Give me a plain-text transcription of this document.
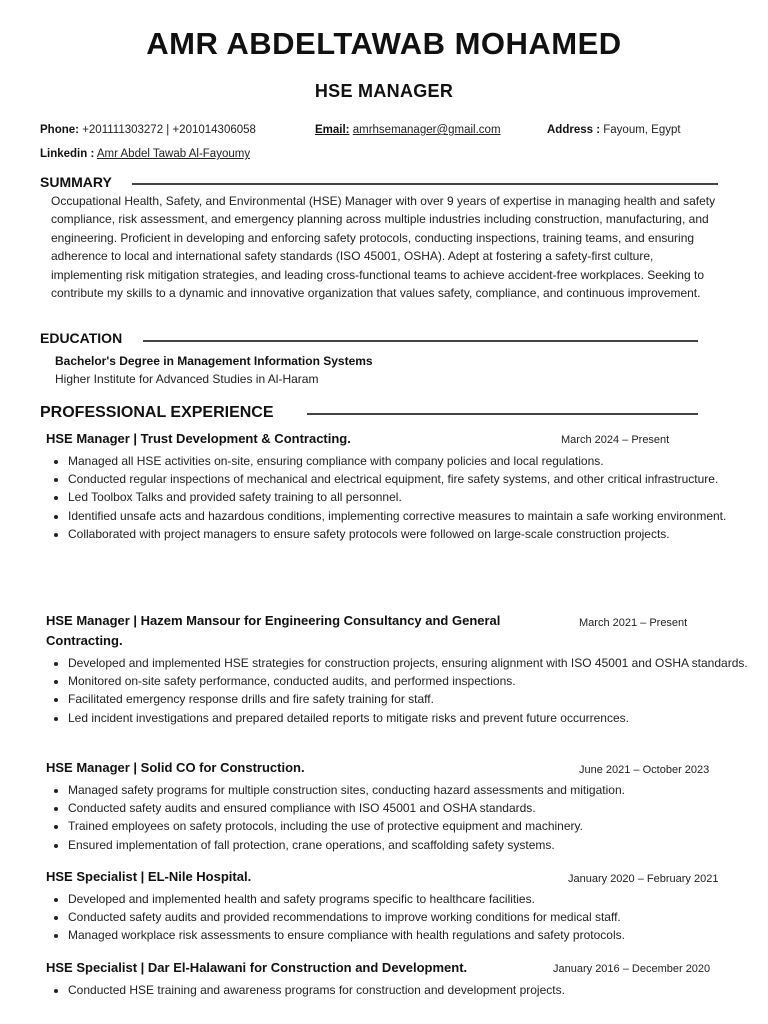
AMR ABDELTAWAB MOHAMED
HSE MANAGER
Phone: +201111303272 | +201014306058	Email: amrhsemanager@gmail.com	Address : Fayoum, Egypt
Linkedin : Amr Abdel Tawab Al-Fayoumy
SUMMARY
Occupational Health, Safety, and Environmental (HSE) Manager with over 9 years of expertise in managing health and safety compliance, risk assessment, and emergency planning across multiple industries including construction, manufacturing, and engineering. Proficient in developing and enforcing safety protocols, conducting inspections, training teams, and ensuring adherence to local and international safety standards (ISO 45001, OSHA). Adept at fostering a safety-first culture, implementing risk mitigation strategies, and leading cross-functional teams to achieve accident-free workplaces. Seeking to contribute my skills to a dynamic and innovative organization that values safety, compliance, and continuous improvement.
EDUCATION
Bachelor's Degree in Management Information Systems
Higher Institute for Advanced Studies in Al-Haram
PROFESSIONAL EXPERIENCE
HSE Manager | Trust Development & Contracting.	March 2024 – Present
• Managed all HSE activities on-site, ensuring compliance with company policies and local regulations.
• Conducted regular inspections of mechanical and electrical equipment, fire safety systems, and other critical infrastructure.
• Led Toolbox Talks and provided safety training to all personnel.
• Identified unsafe acts and hazardous conditions, implementing corrective measures to maintain a safe working environment.
• Collaborated with project managers to ensure safety protocols were followed on large-scale construction projects.
HSE Manager | Hazem Mansour for Engineering Consultancy and General Contracting.
March 2021 – Present
• Developed and implemented HSE strategies for construction projects, ensuring alignment with ISO 45001 and OSHA standards.
• Monitored on-site safety performance, conducted audits, and performed inspections.
• Facilitated emergency response drills and fire safety training for staff.
• Led incident investigations and prepared detailed reports to mitigate risks and prevent future occurrences.
HSE Manager | Solid CO for Construction.	June 2021 – October 2023
• Managed safety programs for multiple construction sites, conducting hazard assessments and mitigation.
• Conducted safety audits and ensured compliance with ISO 45001 and OSHA standards.
• Trained employees on safety protocols, including the use of protective equipment and machinery.
• Ensured implementation of fall protection, crane operations, and scaffolding safety systems.
HSE Specialist | EL-Nile Hospital.	January 2020 – February 2021
• Developed and implemented health and safety programs specific to healthcare facilities.
• Conducted safety audits and provided recommendations to improve working conditions for medical staff.
• Managed workplace risk assessments to ensure compliance with health regulations and safety protocols.
HSE Specialist | Dar El-Halawani for Construction and Development.	January 2016 – December 2020
• Conducted HSE training and awareness programs for construction and development projects.
